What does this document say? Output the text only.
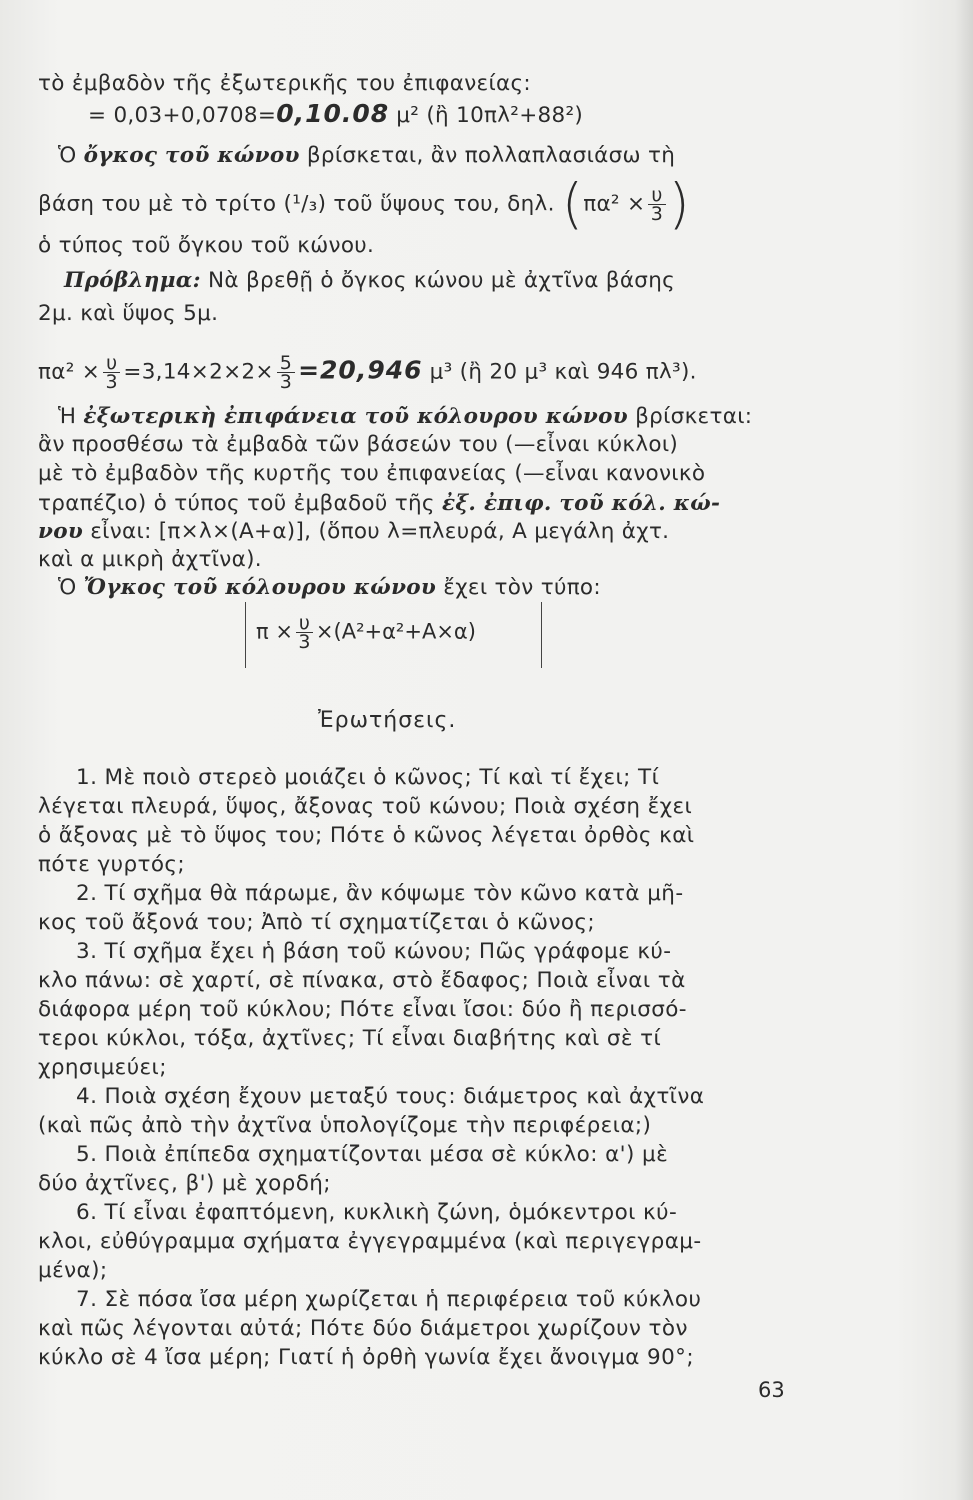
τὸ ἐμβαδὸν τῆς ἐξωτερικῆς του ἐπιφανείας:
= 0,03+0,0708=0,10.08 μ² (ἢ 10πλ²+88²)
Ὁ ὄγκος τοῦ κώνου βρίσκεται, ἂν πολλαπλασιάσω τὴ
βάση του μὲ τὸ τρίτο (¹/₃) τοῦ ὕψους του, δηλ. ($\pi\alpha^2 \times \frac{\upsilon}{3}$ )
ὁ τύπος τοῦ ὄγκου τοῦ κώνου.
Πρόβλημα: Νὰ βρεθῇ ὁ ὄγκος κώνου μὲ ἀχτῖνα βάσης
2μ. καὶ ὕψος 5μ.
$\pi\alpha^2 \times \frac{\upsilon}{3} =3,14\times 2\times 2\times \frac{5}{3} =20,946$ μ³ (ἢ 20 μ³ καὶ 946 πλ³).
Ἡ ἐξωτερικὴ ἐπιφάνεια τοῦ κόλουρου κώνου βρίσκεται:
ἂν προσθέσω τὰ ἐμβαδὰ τῶν βάσεών του (—εἶναι κύκλοι)
μὲ τὸ ἐμβαδὸν τῆς κυρτῆς του ἐπιφανείας (—εἶναι κανονικὸ
τραπέζιο) ὁ τύπος τοῦ ἐμβαδοῦ τῆς ἐξ. ἐπιφ. τοῦ κόλ. κώ-
νου εἶναι: [π×λ×(Α+α)], (ὅπου λ=πλευρά, Α μεγάλη ἀχτ.
καὶ α μικρὴ ἀχτῖνα).
Ὁ Ὄγκος τοῦ κόλουρου κώνου ἔχει τὸν τύπο:
$\pi \times \frac{\upsilon}{3} \times(A^2+\alpha^2+A\times\alpha)$
Ἐρωτήσεις.
1. Μὲ ποιὸ στερεὸ μοιάζει ὁ κῶνος; Τί καὶ τί ἔχει; Τί
λέγεται πλευρά, ὕψος, ἄξονας τοῦ κώνου; Ποιὰ σχέση ἔχει
ὁ ἄξονας μὲ τὸ ὕψος του; Πότε ὁ κῶνος λέγεται ὀρθὸς καὶ
πότε γυρτός;
2. Τί σχῆμα θὰ πάρωμε, ἂν κόψωμε τὸν κῶνο κατὰ μῆ-
κος τοῦ ἄξονά του; Ἀπὸ τί σχηματίζεται ὁ κῶνος;
3. Τί σχῆμα ἔχει ἡ βάση τοῦ κώνου; Πῶς γράφομε κύ-
κλο πάνω: σὲ χαρτί, σὲ πίνακα, στὸ ἔδαφος; Ποιὰ εἶναι τὰ
διάφορα μέρη τοῦ κύκλου; Πότε εἶναι ἴσοι: δύο ἢ περισσό-
τεροι κύκλοι, τόξα, ἀχτῖνες; Τί εἶναι διαβήτης καὶ σὲ τί
χρησιμεύει;
4. Ποιὰ σχέση ἔχουν μεταξύ τους: διάμετρος καὶ ἀχτῖνα
(καὶ πῶς ἀπὸ τὴν ἀχτῖνα ὑπολογίζομε τὴν περιφέρεια;)
5. Ποιὰ ἐπίπεδα σχηματίζονται μέσα σὲ κύκλο: α') μὲ
δύο ἀχτῖνες, β') μὲ χορδή;
6. Τί εἶναι ἐφαπτόμενη, κυκλικὴ ζώνη, ὁμόκεντροι κύ-
κλοι, εὐθύγραμμα σχήματα ἐγγεγραμμένα (καὶ περιγεγραμ-
μένα);
7. Σὲ πόσα ἴσα μέρη χωρίζεται ἡ περιφέρεια τοῦ κύκλου
καὶ πῶς λέγονται αὐτά; Πότε δύο διάμετροι χωρίζουν τὸν
κύκλο σὲ 4 ἴσα μέρη; Γιατί ἡ ὀρθὴ γωνία ἔχει ἄνοιγμα 90°;
63
